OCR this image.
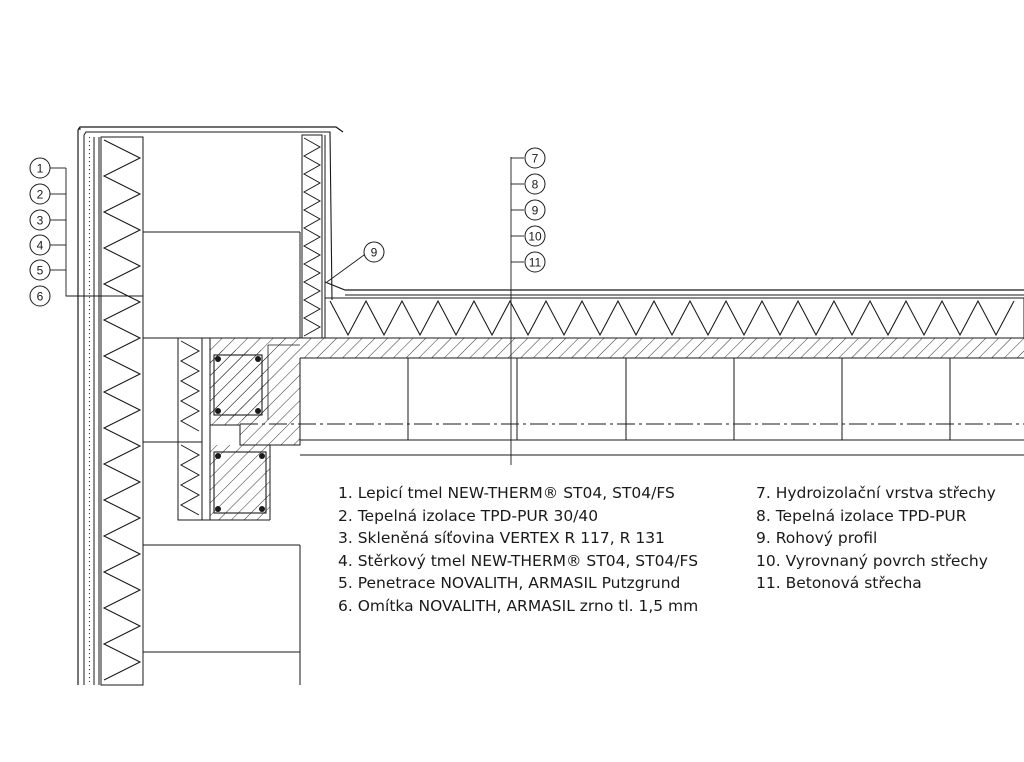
1
2
3
4
5
6
7
8
9
10
11
9
1. Lepicí tmel NEW-THERM® ST04, ST04/FS
2. Tepelná izolace TPD-PUR 30/40
3. Skleněná síťovina VERTEX R 117, R 131
4. Stěrkový tmel NEW-THERM® ST04, ST04/FS
5. Penetrace NOVALITH, ARMASIL Putzgrund
6. Omítka NOVALITH, ARMASIL zrno tl. 1,5 mm
7. Hydroizolační vrstva střechy
8. Tepelná izolace TPD-PUR
9. Rohový profil
10. Vyrovnaný povrch střechy
11. Betonová střecha
